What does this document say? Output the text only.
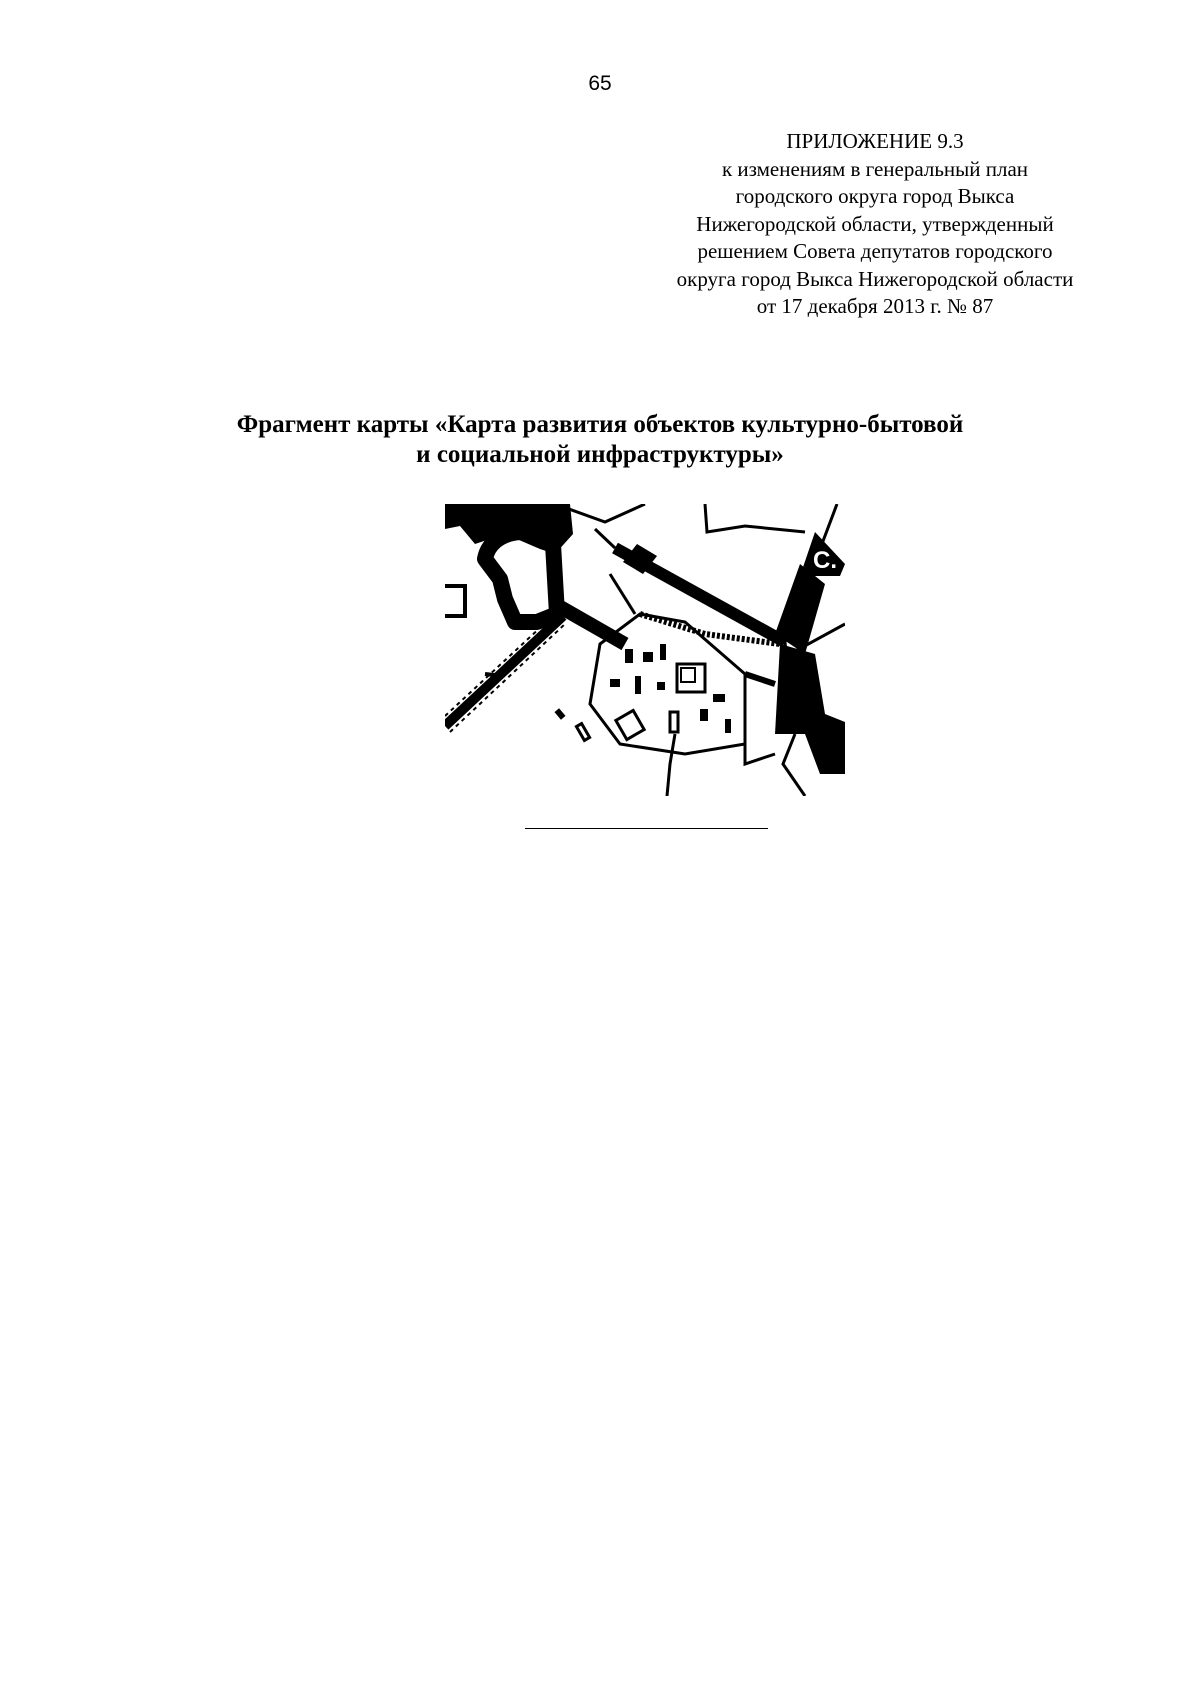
65
ПРИЛОЖЕНИЕ 9.3
к изменениям в генеральный план
городского округа город Выкса
Нижегородской области, утвержденный
решением Совета депутатов городского
округа город Выкса Нижегородской области
от 17 декабря 2013 г. № 87
Фрагмент карты «Карта развития объектов культурно-бытовой
и социальной инфраструктуры»
С.
